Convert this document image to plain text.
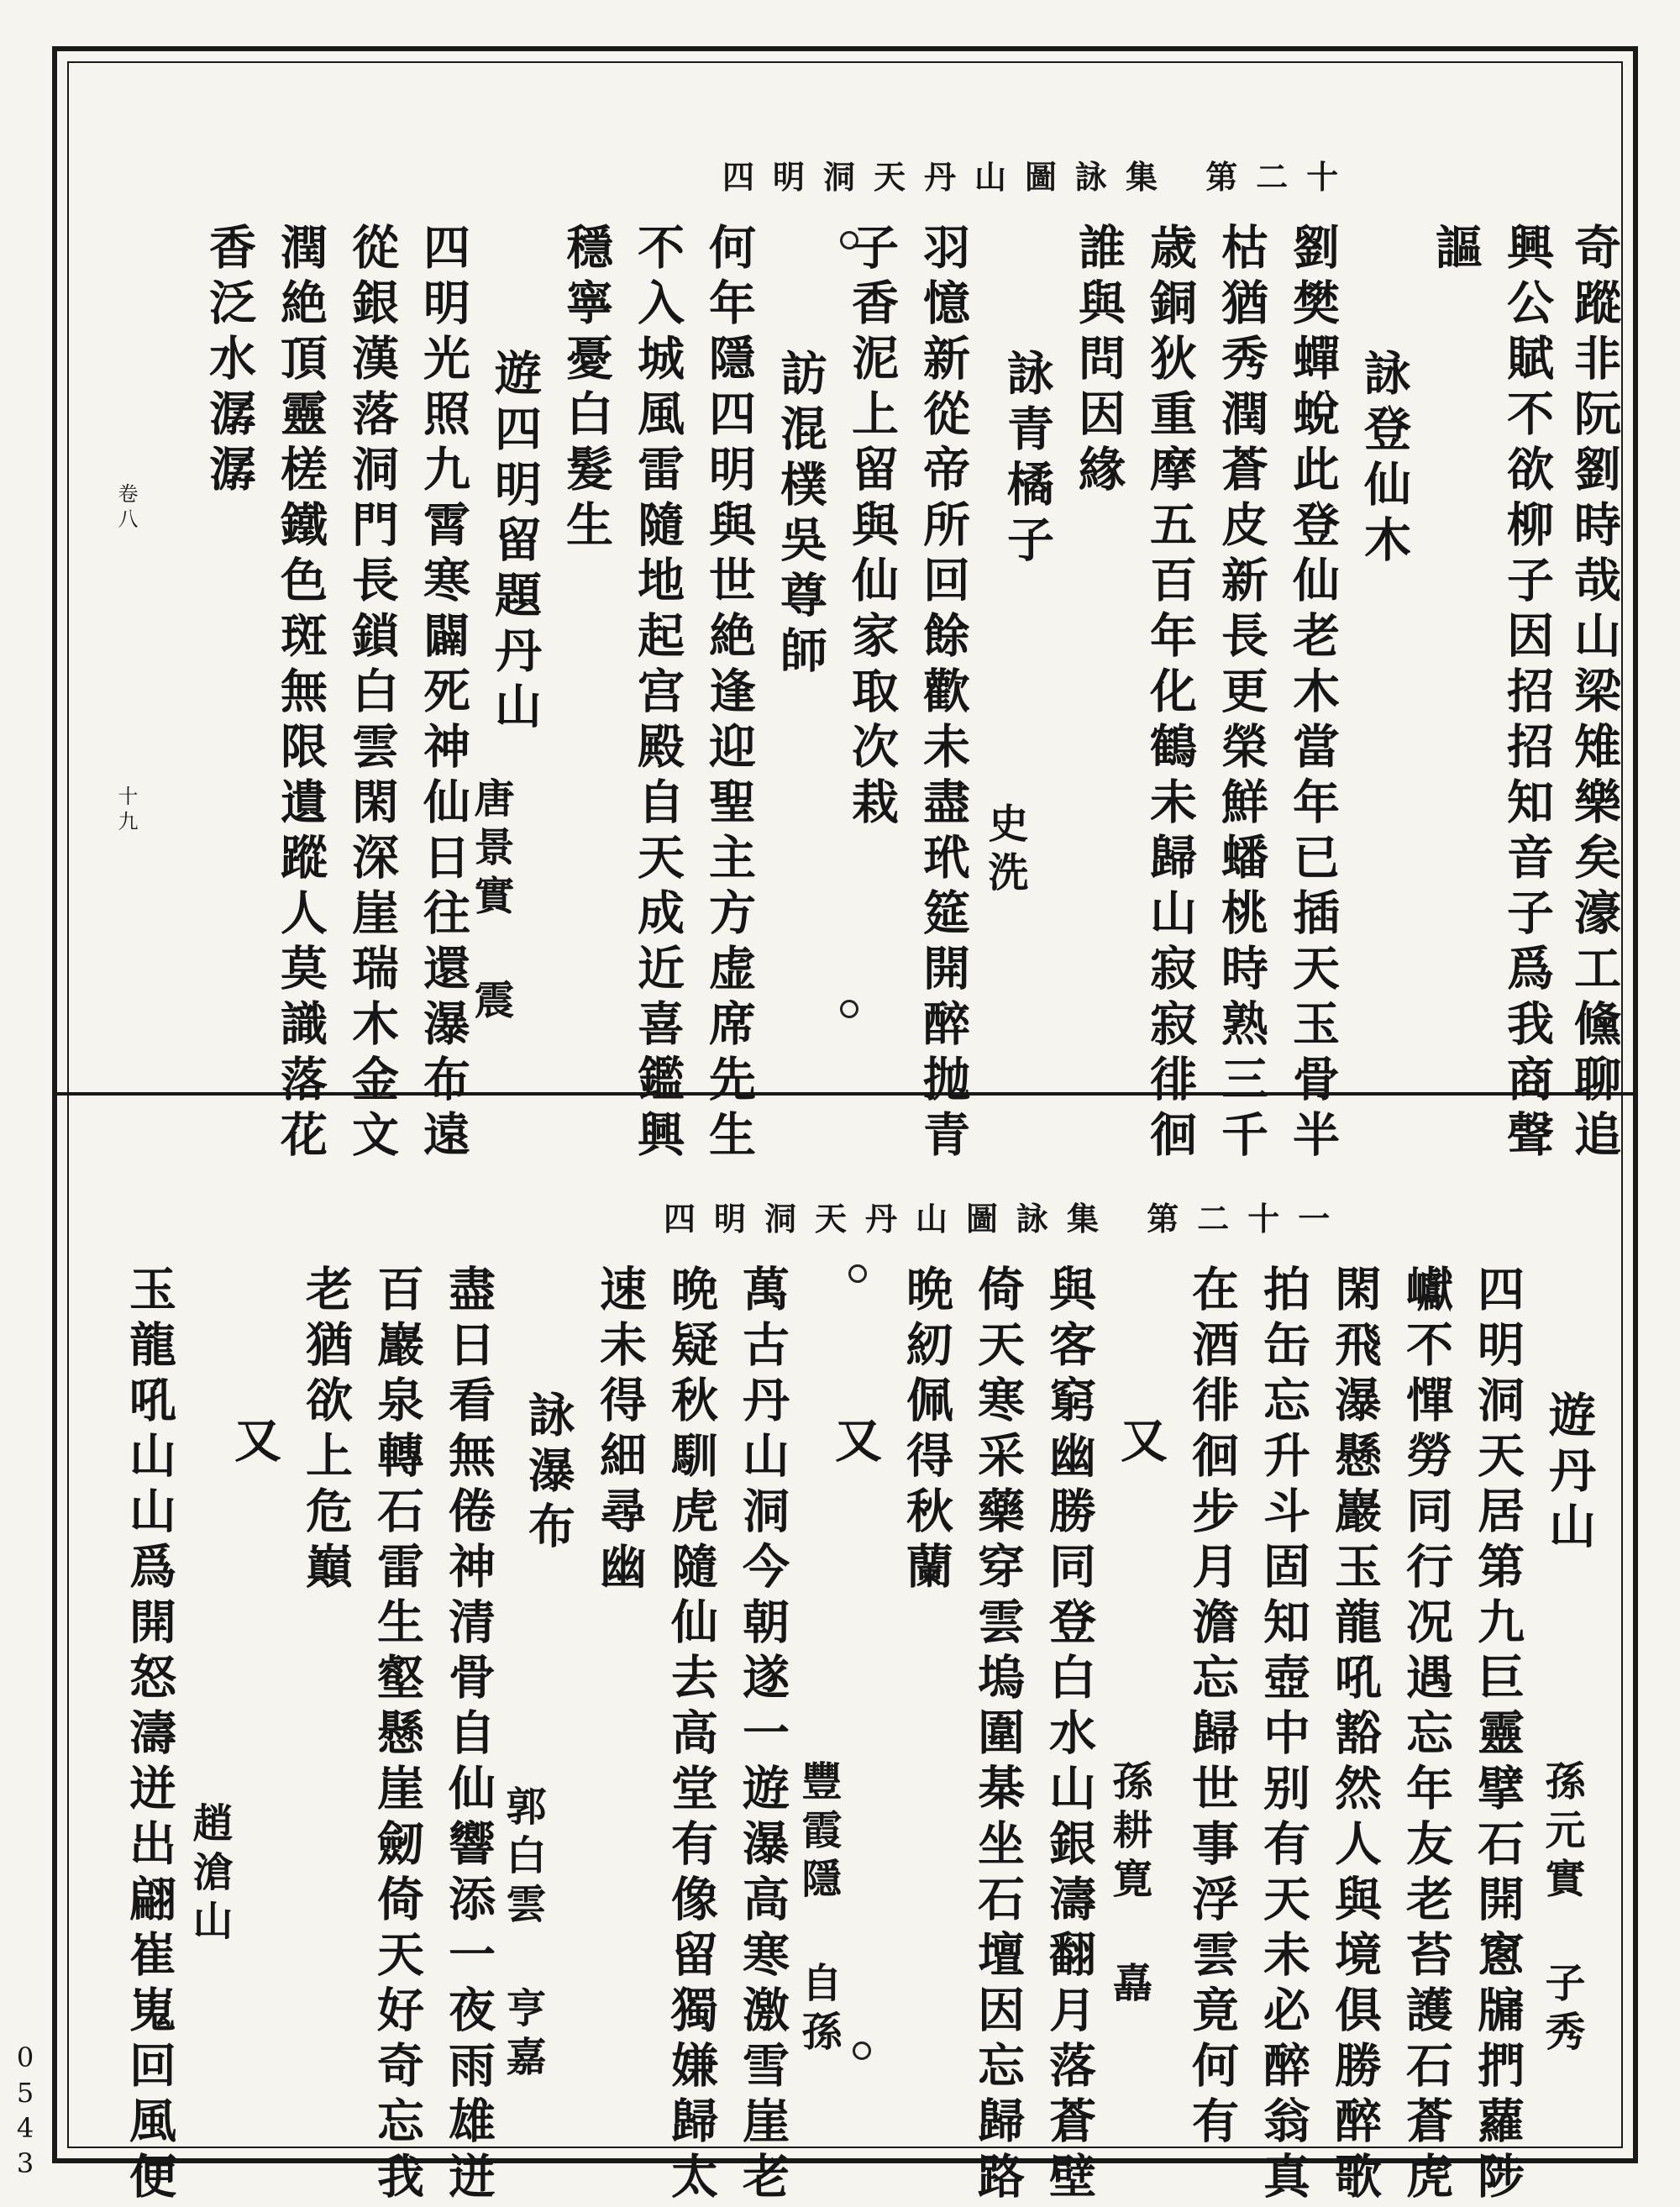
四明洞天丹山圖詠集 第二十
奇蹤非阮劉時哉山梁雉樂矣濠工儵聊追
興公賦不欲柳子因招招知音子爲我商聲
謳
詠登仙木
劉樊蟬蛻此登仙老木當年已插天玉骨半
枯猶秀潤蒼皮新長更榮鮮蟠桃時熟三千
歳銅狄重摩五百年化鶴未歸山寂寂徘徊
誰與問因緣
詠青橘子
史洗
羽憶新從帝所回餘歡未盡玳筵開醉抛青
子香泥上留與仙家取次栽
訪混樸吳尊師
何年隱四明與世絶逢迎聖主方虚席先生
不入城風雷隨地起宫殿自天成近喜鑑興
穩寧憂白髮生
遊四明留題丹山
唐景實 震
四明光照九霄寒闢死神仙日往還瀑布遠
從銀漢落洞門長鎖白雲閑深崖瑞木金文
潤絶頂靈槎鐵色斑無限遺蹤人莫識落花
香泛水潺潺
卷八
十九
四明洞天丹山圖詠集 第二十一
遊丹山
孫元實 子秀
四明洞天居第九巨靈擘石開窻牖捫蘿陟
巘不憚勞同行况遇忘年友老苔護石蒼虎
閑飛瀑懸巖玉龍吼豁然人與境俱勝醉歌
拍缶忘升斗固知壺中别有天未必醉翁真
在酒徘徊步月澹忘歸世事浮雲竟何有
又
孫耕寛 嚞
與客窮幽勝同登白水山銀濤翻月落蒼壁
倚天寒采藥穿雲塢圍棊坐石壇因忘歸路
晩紉佩得秋蘭
又
豐霞隱 自孫
萬古丹山洞今朝遂一遊瀑高寒激雪崖老
晩疑秋馴虎隨仙去高堂有像留獨嫌歸太
速未得細尋幽
詠瀑布
郭白雲 亨嘉
盡日看無倦神清骨自仙響添一夜雨雄迸
百巖泉轉石雷生壑懸崖劒倚天好奇忘我
老猶欲上危巔
又
趙滄山
玉龍吼山山爲開怒濤迸出翩崔嵬回風便
0543
